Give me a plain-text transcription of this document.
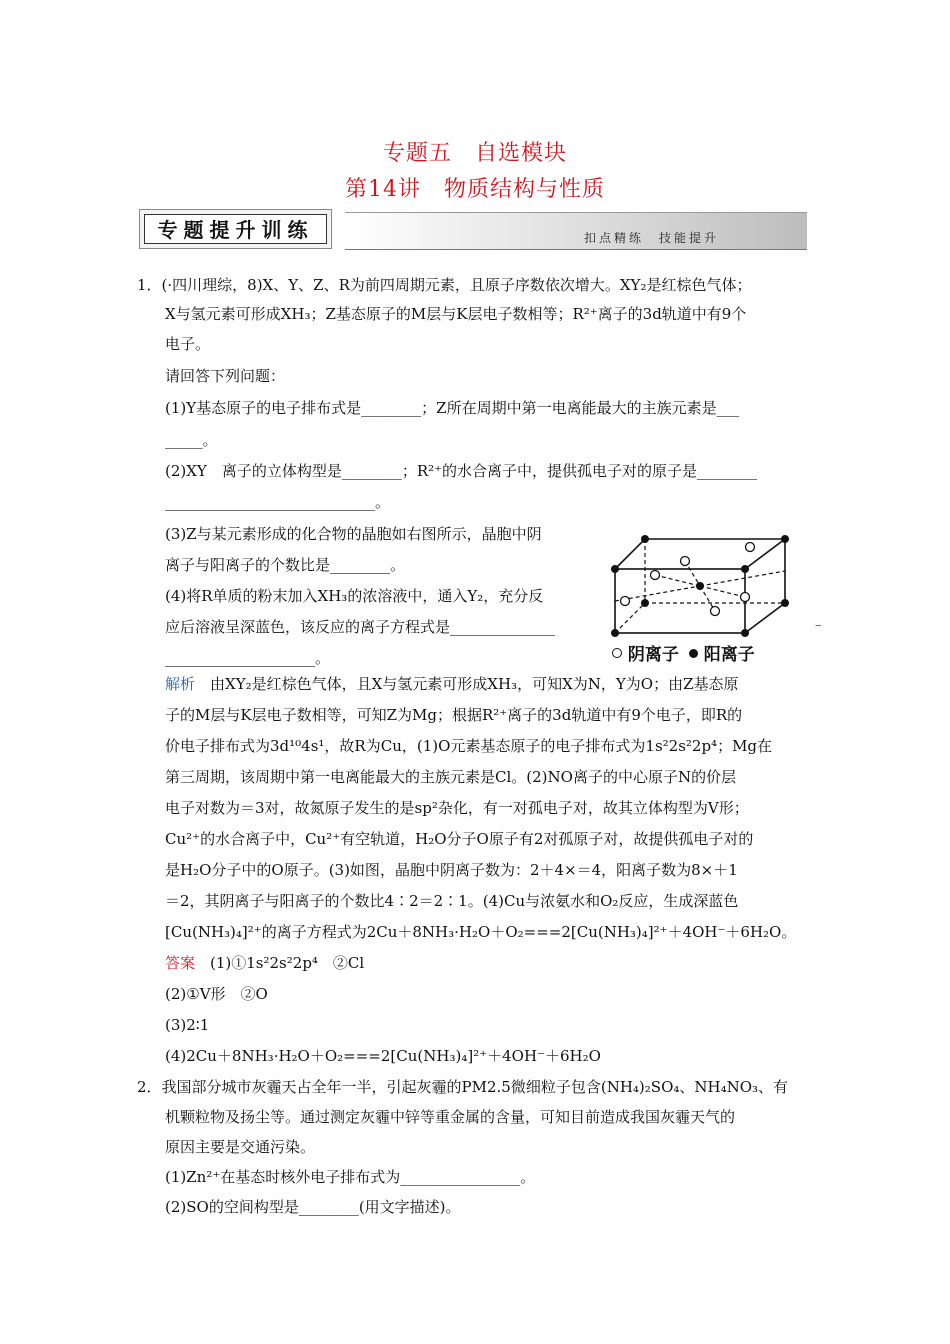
专题五　自选模块
第14讲　物质结构与性质
专题提升训练	扣点精练　技能提升
1．(·四川理综，8)X、Y、Z、R为前四周期元素，且原子序数依次增大。XY₂是红棕色气体；
X与氢元素可形成XH₃；Z基态原子的M层与K层电子数相等；R²⁺离子的3d轨道中有9个
电子。
请回答下列问题：
(1)Y基态原子的电子排布式是________；Z所在周期中第一电离能最大的主族元素是___
_____。
(2)XY　离子的立体构型是________；R²⁺的水合离子中，提供孤电子对的原子是________
____________________________。
(3)Z与某元素形成的化合物的晶胞如右图所示，晶胞中阴
离子与阳离子的个数比是________。
(4)将R单质的粉末加入XH₃的浓溶液中，通入Y₂，充分反
应后溶液呈深蓝色，该反应的离子方程式是______________
____________________。
–
阴离子 阳离子
解析　由XY₂是红棕色气体，且X与氢元素可形成XH₃，可知X为N，Y为O；由Z基态原
子的M层与K层电子数相等，可知Z为Mg；根据R²⁺离子的3d轨道中有9个电子，即R的
价电子排布式为3d¹⁰4s¹，故R为Cu，(1)O元素基态原子的电子排布式为1s²2s²2p⁴；Mg在
第三周期，该周期中第一电离能最大的主族元素是Cl。(2)NO离子的中心原子N的价层
电子对数为＝3对，故氮原子发生的是sp²杂化，有一对孤电子对，故其立体构型为V形；
Cu²⁺的水合离子中，Cu²⁺有空轨道，H₂O分子O原子有2对孤原子对，故提供孤电子对的
是H₂O分子中的O原子。(3)如图，晶胞中阴离子数为：2＋4×＝4，阳离子数为8×＋1
＝2，其阴离子与阳离子的个数比4∶2＝2∶1。(4)Cu与浓氨水和O₂反应，生成深蓝色
[Cu(NH₃)₄]²⁺的离子方程式为2Cu＋8NH₃·H₂O＋O₂===2[Cu(NH₃)₄]²⁺＋4OH⁻＋6H₂O。
答案　(1)①1s²2s²2p⁴　②Cl
(2)①V形　②O
(3)2∶1
(4)2Cu＋8NH₃·H₂O＋O₂===2[Cu(NH₃)₄]²⁺＋4OH⁻＋6H₂O
2．我国部分城市灰霾天占全年一半，引起灰霾的PM2.5微细粒子包含(NH₄)₂SO₄、NH₄NO₃、有
机颗粒物及扬尘等。通过测定灰霾中锌等重金属的含量，可知目前造成我国灰霾天气的
原因主要是交通污染。
(1)Zn²⁺在基态时核外电子排布式为________________。
(2)SO的空间构型是________(用文字描述)。
